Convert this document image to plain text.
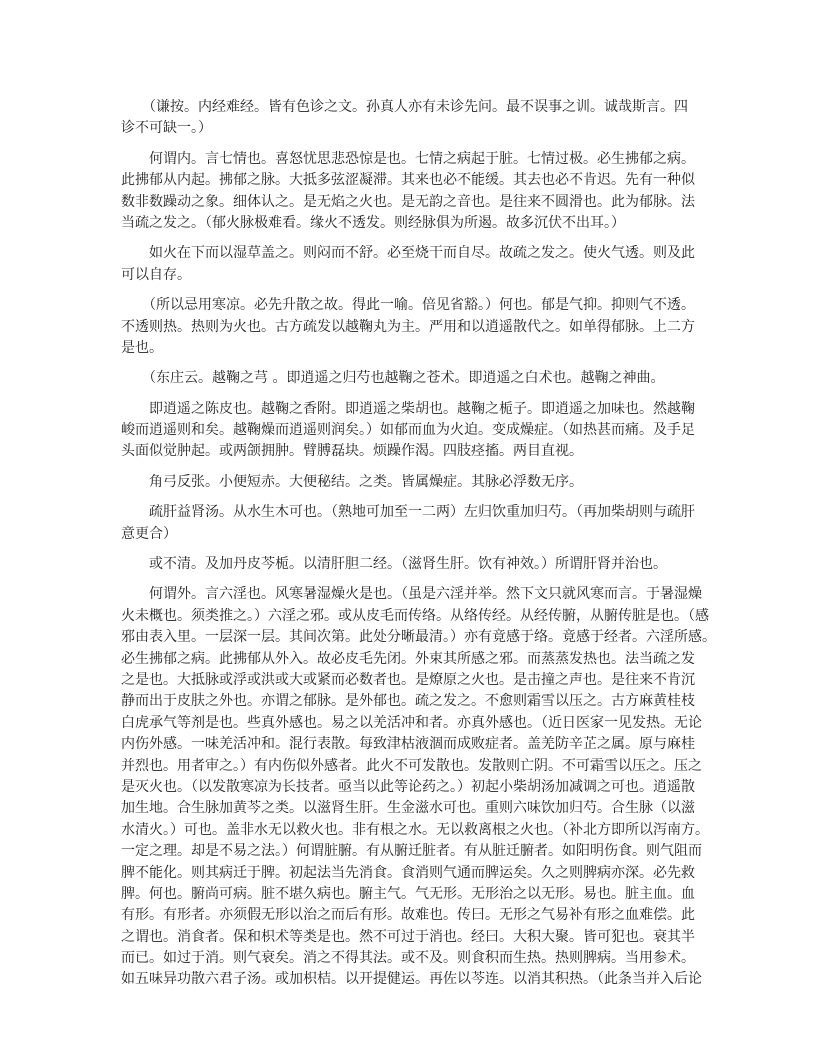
　　（谦按。内经难经。皆有色诊之文。孙真人亦有未诊先问。最不误事之训。诚哉斯言。四
诊不可缺一。）
　　何谓内。言七情也。喜怒忧思悲恐惊是也。七情之病起于脏。七情过极。必生拂郁之病。
此拂郁从内起。拂郁之脉。大抵多弦涩凝滞。其来也必不能缓。其去也必不肯迟。先有一种似
数非数躁动之象。细体认之。是无焰之火也。是无韵之音也。是往来不圆滑也。此为郁脉。法
当疏之发之。（郁火脉极难看。缘火不透发。则经脉俱为所遏。故多沉伏不出耳。）
　　如火在下而以湿草盖之。则闷而不舒。必至烧干而自尽。故疏之发之。使火气透。则及此
可以自存。
　　（所以忌用寒凉。必先升散之故。得此一喻。倍见省豁。）何也。郁是气抑。抑则气不透。
不透则热。热则为火也。古方疏发以越鞠丸为主。严用和以逍遥散代之。如单得郁脉。上二方
是也。
　　（东庄云。越鞠之芎 。即逍遥之归芍也越鞠之苍术。即逍遥之白术也。越鞠之神曲。
　　即逍遥之陈皮也。越鞠之香附。即逍遥之柴胡也。越鞠之栀子。即逍遥之加味也。然越鞠
峻而逍遥则和矣。越鞠燥而逍遥则润矣。）如郁而血为火迫。变成燥症。（如热甚而痛。及手足
头面似觉肿起。或两颌拥肿。臂膊磊块。烦躁作渴。四肢痉搐。两目直视。
　　角弓反张。小便短赤。大便秘结。之类。皆属燥症。其脉必浮数无序。
　　疏肝益肾汤。从水生木可也。（熟地可加至一二两）左归饮重加归芍。（再加柴胡则与疏肝
意更合）
　　或不清。及加丹皮芩栀。以清肝胆二经。（滋肾生肝。饮有神效。）所谓肝肾并治也。
　　何谓外。言六淫也。风寒暑湿燥火是也。（虽是六淫并举。然下文只就风寒而言。于暑湿燥
火未概也。须类推之。）六淫之邪。或从皮毛而传络。从络传经。从经传腑，从腑传脏是也。（感
邪由表入里。一层深一层。其间次第。此处分晰最清。）亦有竟感于络。竟感于经者。六淫所感。
必生拂郁之病。此拂郁从外入。故必皮毛先闭。外束其所感之邪。而蒸蒸发热也。法当疏之发
之是也。大抵脉或浮或洪或大或紧而必数者也。是燎原之火也。是击撞之声也。是往来不肯沉
静而出于皮肤之外也。亦谓之郁脉。是外郁也。疏之发之。不愈则霜雪以压之。古方麻黄桂枝
白虎承气等剂是也。些真外感也。易之以羌活冲和者。亦真外感也。（近日医家一见发热。无论
内伤外感。一味羌活冲和。混行表散。每致津枯液涸而成败症者。盖羌防辛芷之属。原与麻桂
并烈也。用者审之。）有内伤似外感者。此火不可发散也。发散则亡阴。不可霜雪以压之。压之
是灭火也。（以发散寒凉为长技者。亟当以此等论药之。）初起小柴胡汤加减调之可也。逍遥散
加生地。合生脉加黄芩之类。以滋肾生肝。生金滋水可也。重则六味饮加归芍。合生脉（以滋
水清火。）可也。盖非水无以救火也。非有根之水。无以救离根之火也。（补北方即所以泻南方。
一定之理。却是不易之法。）何谓脏腑。有从腑迁脏者。有从脏迁腑者。如阳明伤食。则气阻而
脾不能化。则其病迁于脾。初起法当先消食。食消则气通而脾运矣。久之则脾病亦深。必先救
脾。何也。腑尚可病。脏不堪久病也。腑主气。气无形。无形治之以无形。易也。脏主血。血
有形。有形者。亦须假无形以治之而后有形。故难也。传曰。无形之气易补有形之血难偿。此
之谓也。消食者。保和枳术等类是也。然不可过于消也。经曰。大积大聚。皆可犯也。衰其半
而已。如过于消。则气衰矣。消之不得其法。或不及。则食积而生热。热则脾病。当用参术。
如五味异功散六君子汤。或加枳桔。以开提健运。再佐以芩连。以消其积热。（此条当并入后论
